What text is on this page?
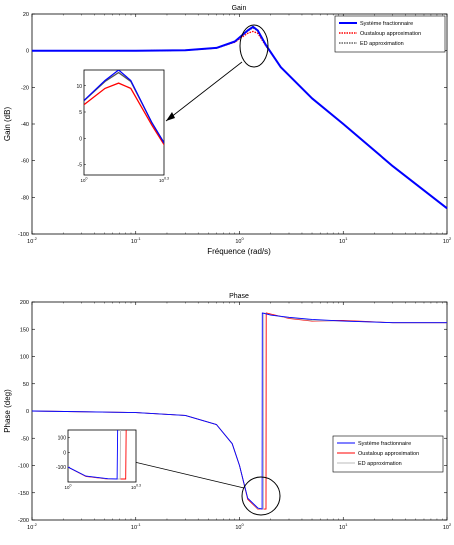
Gain
Gain (dB)
Fréquence (rad/s)
20
0
-20
-40
-60
-80
-100
$10^{-2}$
$10^{-1}$
$10^0$
$10^1$
$10^2$
10
5
0
-5
$10^0$	$10^{0.3}$
Système fractionnaire
Oustaloup approximation
ED approximation
Phase
Phase (deg)
200
150
100
50
0
-50
-100
-150
-200
$10^{-2}$
$10^{-1}$
$10^0$
$10^1$
$10^2$
100
0
-100
$10^0$	$10^{0.3}$
Système fractionnaire
Oustaloup approximation
ED approximation
